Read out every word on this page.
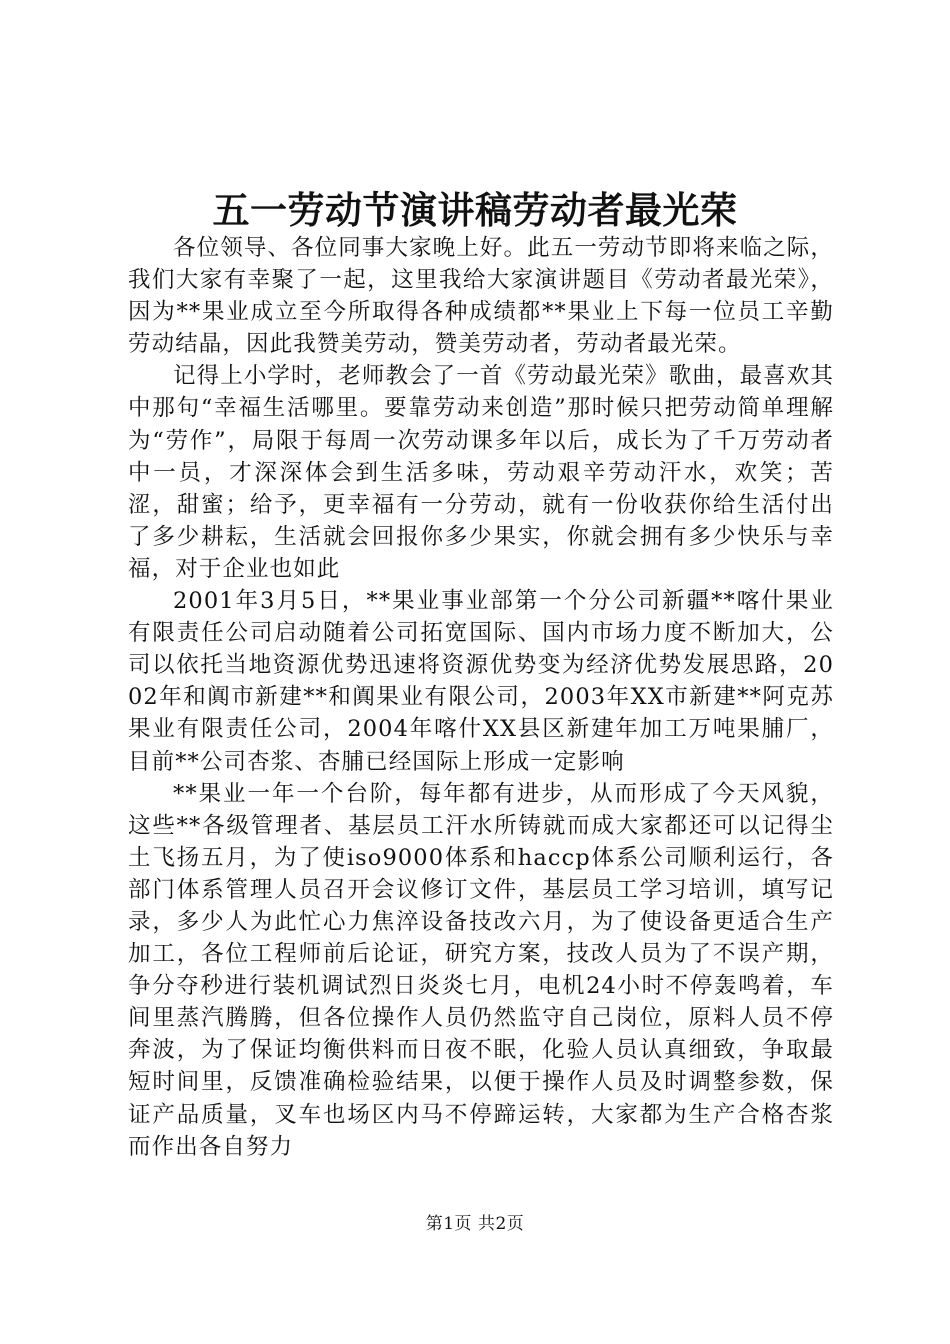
五一劳动节演讲稿劳动者最光荣

各位领导、各位同事大家晚上好。此五一劳动节即将来临之际，我们大家有幸聚了一起，这里我给大家演讲题目《劳动者最光荣》，因为**果业成立至今所取得各种成绩都**果业上下每一位员工辛勤劳动结晶，因此我赞美劳动，赞美劳动者，劳动者最光荣。

记得上小学时，老师教会了一首《劳动最光荣》歌曲，最喜欢其中那句“幸福生活哪里。要靠劳动来创造”那时候只把劳动简单理解为“劳作”，局限于每周一次劳动课多年以后，成长为了千万劳动者中一员，才深深体会到生活多味，劳动艰辛劳动汗水，欢笑；苦涩，甜蜜；给予，更幸福有一分劳动，就有一份收获你给生活付出了多少耕耘，生活就会回报你多少果实，你就会拥有多少快乐与幸福，对于企业也如此

2001年3月5日，**果业事业部第一个分公司新疆**喀什果业有限责任公司启动随着公司拓宽国际、国内市场力度不断加大，公司以依托当地资源优势迅速将资源优势变为经济优势发展思路，2002年和阗市新建**和阗果业有限公司，2003年XX市新建**阿克苏果业有限责任公司，2004年喀什XX县区新建年加工万吨果脯厂，目前**公司杏浆、杏脯已经国际上形成一定影响

**果业一年一个台阶，每年都有进步，从而形成了今天风貌，这些**各级管理者、基层员工汗水所铸就而成大家都还可以记得尘土飞扬五月，为了使iso9000体系和haccp体系公司顺利运行，各部门体系管理人员召开会议修订文件，基层员工学习培训，填写记录，多少人为此忙心力焦淬设备技改六月，为了使设备更适合生产加工，各位工程师前后论证，研究方案，技改人员为了不误产期，争分夺秒进行装机调试烈日炎炎七月，电机24小时不停轰鸣着，车间里蒸汽腾腾，但各位操作人员仍然监守自己岗位，原料人员不停奔波，为了保证均衡供料而日夜不眠，化验人员认真细致，争取最短时间里，反馈准确检验结果，以便于操作人员及时调整参数，保证产品质量，叉车也场区内马不停蹄运转，大家都为生产合格杏浆而作出各自努力

第1页 共2页
